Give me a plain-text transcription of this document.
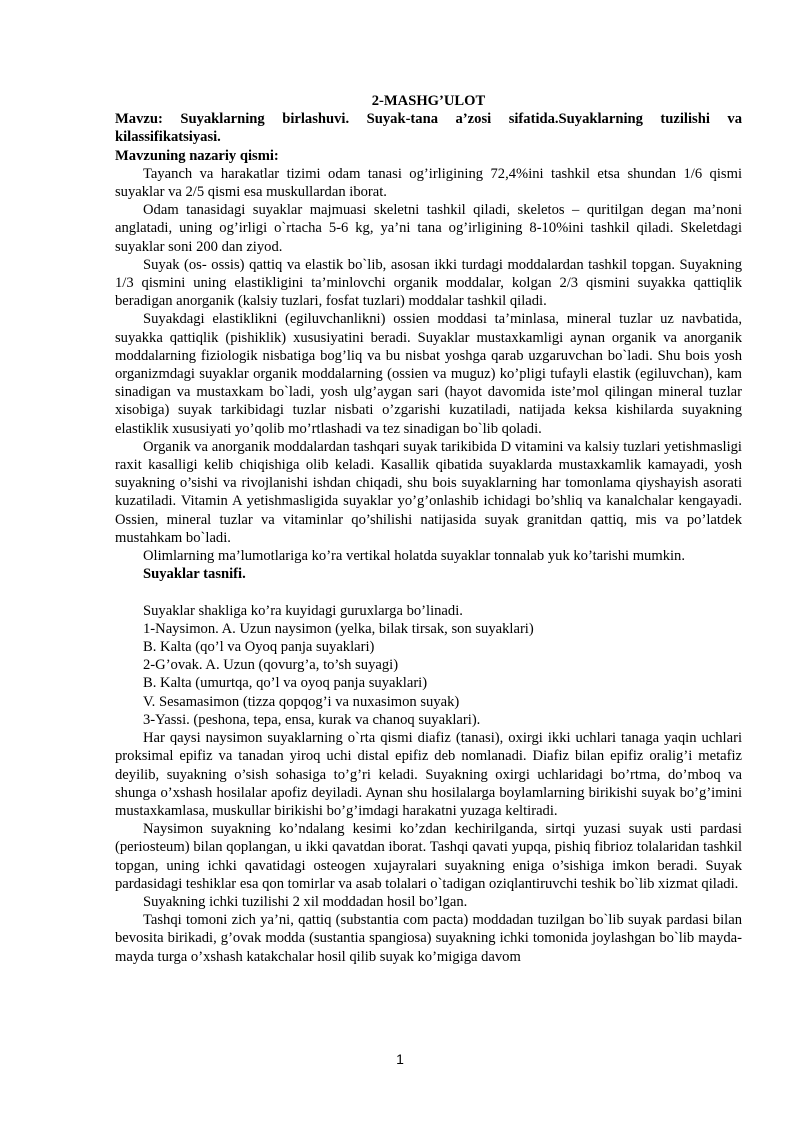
2-MASHG’ULOT

Mavzu: Suyaklarning birlashuvi. Suyak-tana a’zosi sifatida.Suyaklarning tuzilishi va kilassifikatsiyasi.

Mavzuning nazariy qismi:

Tayanch va harakatlar tizimi odam tanasi og’irligining 72,4%ini tashkil etsa shundan 1/6 qismi suyaklar va 2/5 qismi esa muskullardan iborat.

Odam tanasidagi suyaklar majmuasi skeletni tashkil qiladi, skeletos – quritilgan degan ma’noni anglatadi, uning og’irligi o`rtacha 5-6 kg, ya’ni tana og’irligining 8-10%ini tashkil qiladi. Skeletdagi suyaklar soni 200 dan ziyod.

Suyak (os- ossis) qattiq va elastik bo`lib, asosan ikki turdagi moddalardan tashkil topgan. Suyakning 1/3 qismini uning elastikligini ta’minlovchi organik moddalar, kolgan 2/3 qismini suyakka qattiqlik beradigan anorganik (kalsiy tuzlari, fosfat tuzlari) moddalar tashkil qiladi.

Suyakdagi elastiklikni (egiluvchanlikni) ossien moddasi ta’minlasa, mineral tuzlar uz navbatida, suyakka qattiqlik (pishiklik) xususiyatini beradi. Suyaklar mustaxkamligi aynan organik va anorganik moddalarning fiziologik nisbatiga bog’liq va bu nisbat yoshga qarab uzgaruvchan bo`ladi. Shu bois yosh organizmdagi suyaklar organik moddalarning (ossien va muguz) ko’pligi tufayli elastik (egiluvchan), kam sinadigan va mustaxkam bo`ladi, yosh ulg’aygan sari (hayot davomida iste’mol qilingan mineral tuzlar xisobiga) suyak tarkibidagi tuzlar nisbati o’zgarishi kuzatiladi, natijada keksa kishilarda suyakning elastiklik xususiyati yo’qolib mo’rtlashadi va tez sinadigan bo`lib qoladi.

Organik va anorganik moddalardan tashqari suyak tarikibida D vitamini va kalsiy tuzlari yetishmasligi raxit kasalligi kelib chiqishiga olib keladi. Kasallik qibatida suyaklarda mustaxkamlik kamayadi, yosh suyakning o’sishi va rivojlanishi ishdan chiqadi, shu bois suyaklarning har tomonlama qiyshayish asorati kuzatiladi. Vitamin A yetishmasligida suyaklar yo’g’onlashib ichidagi bo’shliq va kanalchalar kengayadi. Ossien, mineral tuzlar va vitaminlar qo’shilishi natijasida suyak granitdan qattiq, mis va po’latdek mustahkam bo`ladi.

Olimlarning ma’lumotlariga ko’ra vertikal holatda suyaklar tonnalab yuk ko’tarishi mumkin.

Suyaklar tasnifi.

Suyaklar shakliga ko’ra kuyidagi guruxlarga bo’linadi.

1-Naysimon. A. Uzun naysimon (yelka, bilak tirsak, son suyaklari)

B. Kalta (qo’l va Oyoq panja suyaklari)

2-G’ovak. A. Uzun (qovurg’a, to’sh suyagi)

B. Kalta (umurtqa, qo’l va oyoq panja suyaklari)

V. Sesamasimon (tizza qopqog’i va nuxasimon suyak)

3-Yassi. (peshona, tepa, ensa, kurak va chanoq suyaklari).

Har qaysi naysimon suyaklarning o`rta qismi diafiz (tanasi), oxirgi ikki uchlari tanaga yaqin uchlari proksimal epifiz va tanadan yiroq uchi distal epifiz deb nomlanadi. Diafiz bilan epifiz oralig’i metafiz deyilib, suyakning o’sish sohasiga to’g’ri keladi. Suyakning oxirgi uchlaridagi bo’rtma, do’mboq va shunga o’xshash hosilalar apofiz deyiladi. Aynan shu hosilalarga boylamlarning birikishi suyak bo’g’imini mustaxkamlasa, muskullar birikishi bo’g’imdagi harakatni yuzaga keltiradi.

Naysimon suyakning ko’ndalang kesimi ko’zdan kechirilganda, sirtqi yuzasi suyak usti pardasi (periosteum) bilan qoplangan, u ikki qavatdan iborat. Tashqi qavati yupqa, pishiq fibrioz tolalaridan tashkil topgan, uning ichki qavatidagi osteogen xujayralari suyakning eniga o’sishiga imkon beradi. Suyak pardasidagi teshiklar esa qon tomirlar va asab tolalari o`tadigan oziqlantiruvchi teshik bo`lib xizmat qiladi.

Suyakning ichki tuzilishi 2 xil moddadan hosil bo’lgan.

Tashqi tomoni zich ya’ni, qattiq (substantia com pacta) moddadan tuzilgan bo`lib suyak pardasi bilan bevosita birikadi, g’ovak modda (sustantia spangiosa) suyakning ichki tomonida joylashgan bo`lib mayda-mayda turga o’xshash katakchalar hosil qilib suyak ko’migiga davom

1
